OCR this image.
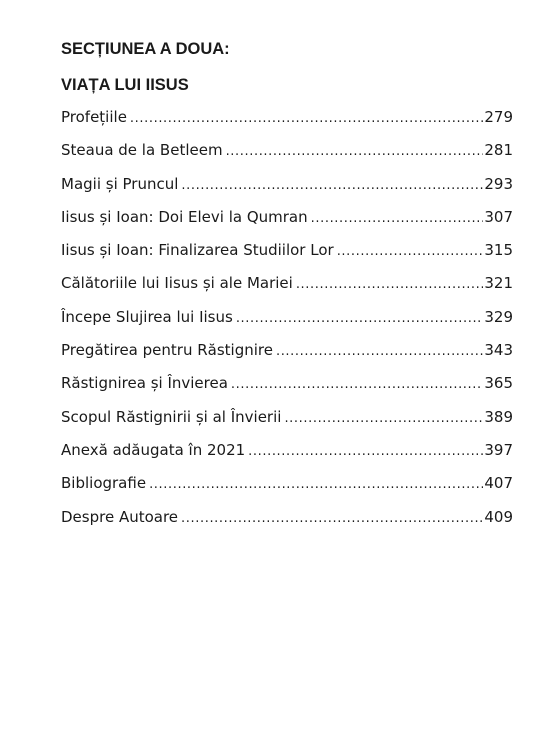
SECȚIUNEA A DOUA:
VIAȚA LUI IISUS
Profețiile .....	279
Steaua de la Betleem .....	281
Magii și Pruncul .....	293
Iisus și Ioan: Doi Elevi la Qumran .....	307
Iisus și Ioan: Finalizarea Studiilor Lor .....	315
Călătoriile lui Iisus și ale Mariei .....	321
Începe Slujirea lui Iisus .....	329
Pregătirea pentru Răstignire .....	343
Răstignirea și Învierea .....	365
Scopul Răstignirii și al Învierii .....	389
Anexă adăugata în 2021 .....	397
Bibliografie .....	407
Despre Autoare .....	409
